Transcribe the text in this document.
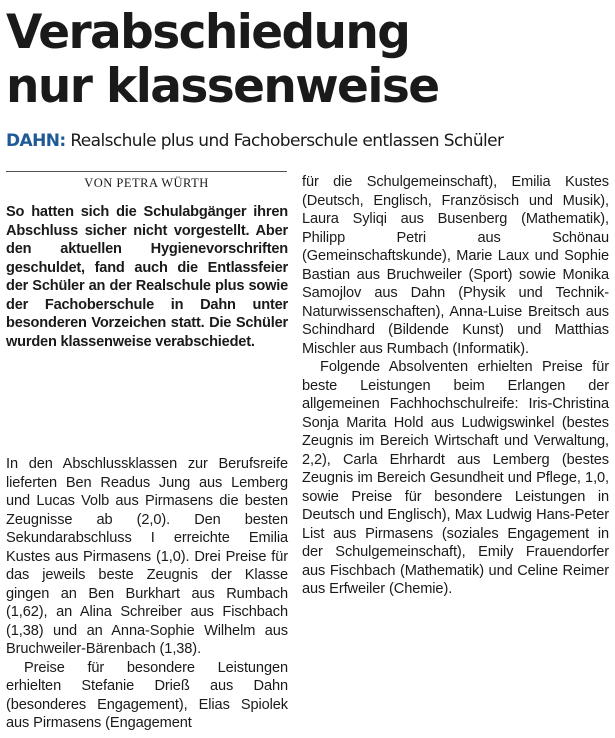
Verabschiedung
nur klassenweise
DAHN: Realschule plus und Fachoberschule entlassen Schüler
VON PETRA WÜRTH

So hatten sich die Schulabgänger ihren Abschluss sicher nicht vorgestellt. Aber den aktuellen Hygienevorschriften geschuldet, fand auch die Entlassfeier der Schüler an der Realschule plus sowie der Fachoberschule in Dahn unter besonderen Vorzeichen statt. Die Schüler wurden klassenweise verabschiedet.

In den Abschlussklassen zur Berufsreife lieferten Ben Readus Jung aus Lemberg und Lucas Volb aus Pirmasens die besten Zeugnisse ab (2,0). Den besten Sekundarabschluss I erreichte Emilia Kustes aus Pirmasens (1,0). Drei Preise für das jeweils beste Zeugnis der Klasse gingen an Ben Burkhart aus Rumbach (1,62), an Alina Schreiber aus Fischbach (1,38) und an Anna-Sophie Wilhelm aus Bruchweiler-Bärenbach (1,38).

Preise für besondere Leistungen erhielten Stefanie Drieß aus Dahn (besonderes Engagement), Elias Spiolek aus Pirmasens (Engagement

für die Schulgemeinschaft), Emilia Kustes (Deutsch, Englisch, Französisch und Musik), Laura Syliqi aus Busenberg (Mathematik), Philipp Petri aus Schönau (Gemeinschaftskunde), Marie Laux und Sophie Bastian aus Bruchweiler (Sport) sowie Monika Samojlov aus Dahn (Physik und Technik-Naturwissenschaften), Anna-Luise Breitsch aus Schindhard (Bildende Kunst) und Matthias Mischler aus Rumbach (Informatik).

Folgende Absolventen erhielten Preise für beste Leistungen beim Erlangen der allgemeinen Fachhochschulreife: Iris-Christina Sonja Marita Hold aus Ludwigswinkel (bestes Zeugnis im Bereich Wirtschaft und Verwaltung, 2,2), Carla Ehrhardt aus Lemberg (bestes Zeugnis im Bereich Gesundheit und Pflege, 1,0, sowie Preise für besondere Leistungen in Deutsch und Englisch), Max Ludwig Hans-Peter List aus Pirmasens (soziales Engagement in der Schulgemeinschaft), Emily Frauendorfer aus Fischbach (Mathematik) und Celine Reimer aus Erfweiler (Chemie).
